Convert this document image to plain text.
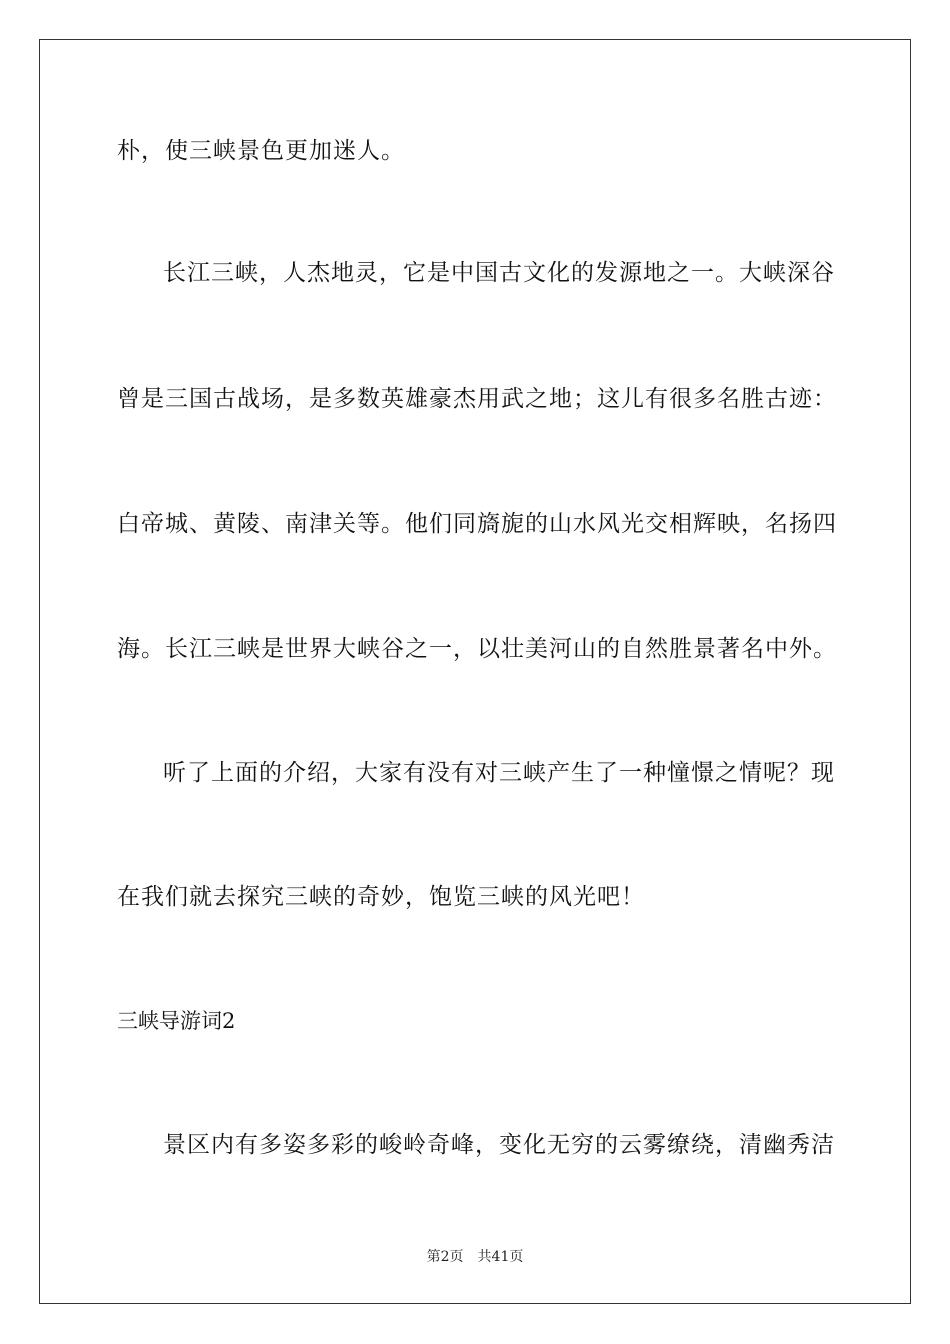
朴，使三峡景色更加迷人。
长江三峡，人杰地灵，它是中国古文化的发源地之一。大峡深谷
曾是三国古战场，是多数英雄豪杰用武之地；这儿有很多名胜古迹：
白帝城、黄陵、南津关等。他们同旖旎的山水风光交相辉映，名扬四
海。长江三峡是世界大峡谷之一，以壮美河山的自然胜景著名中外。
听了上面的介绍，大家有没有对三峡产生了一种憧憬之情呢？现
在我们就去探究三峡的奇妙，饱览三峡的风光吧！
三峡导游词2
景区内有多姿多彩的峻岭奇峰，变化无穷的云雾缭绕，清幽秀洁
第2页 共41页
